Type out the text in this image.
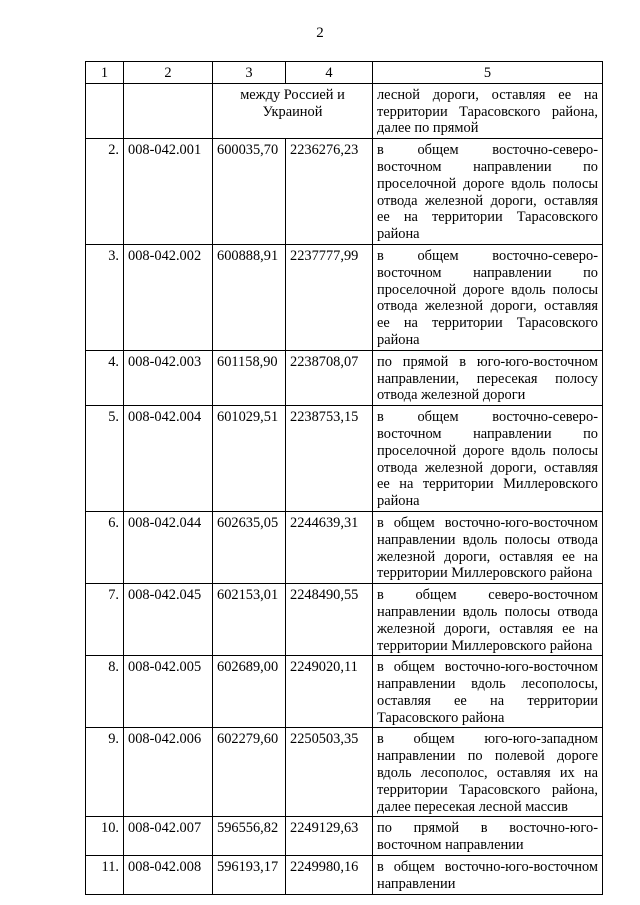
2
1	2	3	4	5
		между Россией и Украиной		лесной дороги, оставляя ее на территории Тарасовского района, далее по прямой
2.	008-042.001	600035,70	2236276,23	в общем восточно-северо-восточном направлении по проселочной дороге вдоль полосы отвода железной дороги, оставляя ее на территории Тарасовского района
3.	008-042.002	600888,91	2237777,99	в общем восточно-северо-восточном направлении по проселочной дороге вдоль полосы отвода железной дороги, оставляя ее на территории Тарасовского района
4.	008-042.003	601158,90	2238708,07	по прямой в юго-юго-восточном направлении, пересекая полосу отвода железной дороги
5.	008-042.004	601029,51	2238753,15	в общем восточно-северо-восточном направлении по проселочной дороге вдоль полосы отвода железной дороги, оставляя ее на территории Миллеровского района
6.	008-042.044	602635,05	2244639,31	в общем восточно-юго-восточном направлении вдоль полосы отвода железной дороги, оставляя ее на территории Миллеровского района
7.	008-042.045	602153,01	2248490,55	в общем северо-восточном направлении вдоль полосы отвода железной дороги, оставляя ее на территории Миллеровского района
8.	008-042.005	602689,00	2249020,11	в общем восточно-юго-восточном направлении вдоль лесополосы, оставляя ее на территории Тарасовского района
9.	008-042.006	602279,60	2250503,35	в общем юго-юго-западном направлении по полевой дороге вдоль лесополос, оставляя их на территории Тарасовского района, далее пересекая лесной массив
10.	008-042.007	596556,82	2249129,63	по прямой в восточно-юго-восточном направлении
11.	008-042.008	596193,17	2249980,16	в общем восточно-юго-восточном направлении
